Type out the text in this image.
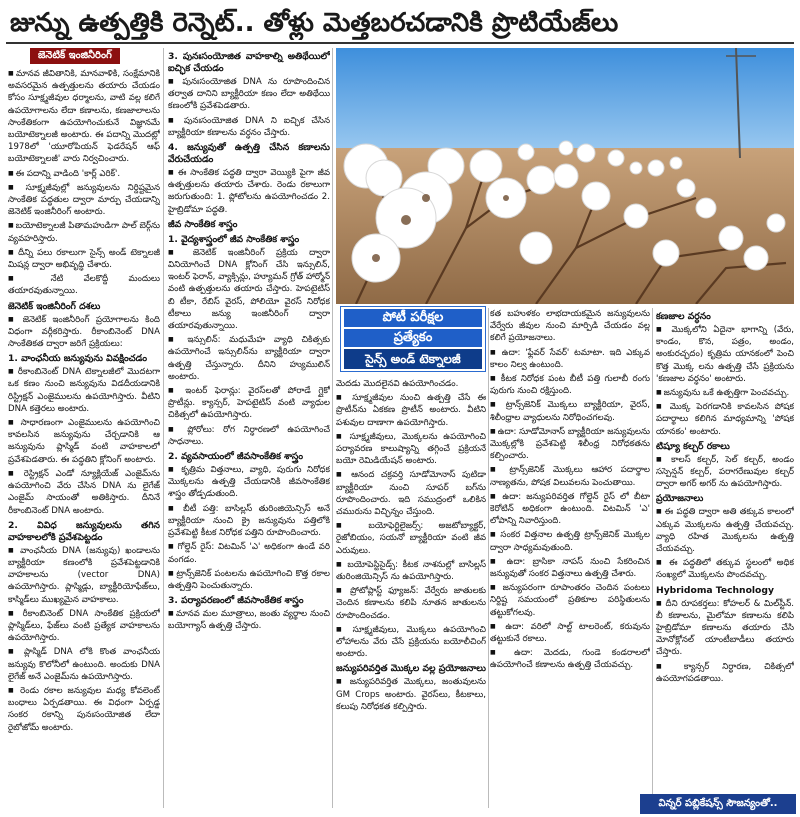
జున్ను ఉత్పత్తికి రెన్నెట్.. తోళ్లు మెత్తబరచడానికి ప్రొటియేజ్‌లు
జెనెటిక్ ఇంజినీరింగ్

■ మానవ జీవితానికి, మానవాళికి, సంక్షేమానికి అవసరమైన ఉత్పత్తులను తయారు చేయడం కోసం సూక్ష్మజీవుల ధర్మాలను, వాటి వల్ల కలిగే ఉపయోగాలను లేదా కణాలను, కణజాలాలను సాంకేతికంగా ఉపయోగించుకునే విజ్ఞానమే బయోటెక్నాలజీ అంటారు. ఈ పదాన్ని మొదట్లో 1978లో 'యూరోపియన్ ఫెడరేషన్ ఆఫ్ బయోటెక్నాలజీ' వారు నిర్వచించారు.

■ ఈ పదాన్ని వాడింది 'కార్ల్ ఎరిక్'.

■ సూక్ష్మజీవుల్లో జన్యువులను నిర్దిష్టమైన సాంకేతిక పద్ధతుల ద్వారా మార్పు చేయడాన్ని జెనెటిక్ ఇంజినీరింగ్ అంటారు.

■ బయోటెక్నాలజీ పితామహుడిగా పాల్ బెర్గ్‌ను వ్యవహరిస్తారు.

■ దీన్ని పలు రకాలుగా సైన్స్ అండ్ టెక్నాలజీ మిషన్ల ద్వారా అభివృద్ధి చేశారు.

■ నేటి వేలకొద్దీ మందులు తయారవుతున్నాయి.

జెనెటిక్ ఇంజినీరింగ్ దశలు

■ జెనెటిక్ ఇంజినీరింగ్ ప్రయోగాలను కింది విధంగా వర్గీకరిస్తారు. రీకాంబినెంట్ DNA సాంకేతికత ద్వారా జరిగే ప్రక్రియలు:

1. వాంఛనీయ జన్యువును వివక్షించడం

■ రీకాంబినెంట్ DNA టెక్నాలజీలో మొదటగా ఒక కణం నుంచి జన్యువును విడదీయడానికి రిస్ట్రిక్షన్ ఎంజైములను ఉపయోగిస్తారు. వీటిని DNA కత్తెరలు అంటారు.

■ సాధారణంగా ఎంజైములను ఉపయోగించి కావలసిన జన్యువును చేర్చడానికి ఆ జన్యువును ప్లాస్మిడ్ వంటి వాహకాలలో ప్రవేశపెడతారు. ఈ పద్ధతిని క్లోనింగ్ అంటారు.

■ రెస్ట్రిక్షన్ ఎండో న్యూక్లియేజ్ ఎంజైమ్‌ను ఉపయోగించి వేరు చేసిన DNA ను లైగేజ్ ఎంజైమ్ సాయంతో అతికిస్తారు. దీనినే రీకాంబినెంట్ DNA అంటారు.

2. వివిధ జన్యువులను తగిన వాహకాలలోకి ప్రవేశపెట్టడం

■ వాంఛనీయ DNA (జన్యువు) ఖండాలను బ్యాక్టీరియా కణంలోకి ప్రవేశపెట్టడానికి వాహకాలను (vector DNA) ఉపయోగిస్తారు. ప్లాస్మిడ్లు, బ్యాక్టీరియోఫేజ్‌లు, కాస్మిడ్‌లు ముఖ్యమైన వాహకాలు.

■ రీకాంబినెంట్ DNA సాంకేతిక ప్రక్రియలో ప్లాస్మిడ్‌లు, ఫేజ్‌లు వంటి ప్రత్యేక వాహకాలను ఉపయోగిస్తారు.

■ ప్లాస్మిడ్ DNA లోకి కొంత వాంఛనీయ జన్యువు కొలోనీలో ఉంటుంది. అందుకు DNA లైగేజ్ అనే ఎంజైమ్‌ను ఉపయోగిస్తారు.

■ రెండు రకాల జన్యువుల మధ్య కోవలెంట్ బంధాలు ఏర్పడతాయి. ఈ విధంగా ఏర్పడ్డ సంకర రకాన్ని పునఃసంయోజిత లేదా రైబోజోమ్ అంటారు.

3. పునఃసంయోజిత వాహకాల్ని అతిథేయిలో ఐచ్ఛిక చేయడం

■ పునఃసంయోజిత DNA ను రూపొందించిన తర్వాత దానిని బ్యాక్టీరియా కణం లేదా అతిథేయి కణంలోకి ప్రవేశపెడతారు.

■ పునఃసంయోజిత DNA ని ఐచ్ఛిక చేసిన బ్యాక్టీరియా కణాలను వర్ధనం చేస్తారు.

4. జన్యువుతో ఉత్పత్తి చేసిన కణాలను వేరుచేయడం

■ ఈ సాంకేతిక పద్ధతి ద్వారా వెయ్యికి పైగా జీవ ఉత్పత్తులను తయారు చేశారు. రెండు రకాలుగా జరుగుతుంది: 1. ప్లోటోలను ఉపయోగించడం 2. హైబ్రిడోమా పద్ధతి.

జీవ సాంకేతిక శాస్త్రం
1. వైద్యశాస్త్రంలో జీవ సాంకేతిక శాస్త్రం

■ జెనెటిక్ ఇంజినీరింగ్ ప్రక్రియ ద్వారా వినియోగించే DNA క్లోనింగ్ చేసి ఇన్సులిన్, ఇంటర్ ఫెరాన్, వ్యాక్సిన్లు, హ్యూమన్ గ్రోత్ హార్మోన్ వంటి ఉత్పత్తులను తయారు చేస్తారు. హెపటైటిస్ బి టీకా, రేబిస్ వైరస్, పోలియో వైరస్ నిరోధక టీకాలు జన్యు ఇంజినీరింగ్ ద్వారా తయారవుతున్నాయి.

■ ఇన్సులిన్: మధుమేహ వ్యాధి చికిత్సకు ఉపయోగించే ఇన్సులిన్‌ను బ్యాక్టీరియా ద్వారా ఉత్పత్తి చేస్తున్నారు. దీనిని హ్యుములిన్ అంటారు.

■ ఇంటర్ ఫెరాన్లు: వైరస్‌లతో పోరాడే గ్లైకో ప్రొటీన్లు. క్యాన్సర్, హెపటైటిస్ వంటి వ్యాధుల చికిత్సలో ఉపయోగిస్తారు.

■ ప్లోరోలు: రోగ నిర్ధారణలో ఉపయోగించే సాధనాలు.

2. వ్యవసాయంలో జీవసాంకేతిక శాస్త్రం

■ కృత్రిమ విత్తనాలు, వ్యాధి, పురుగు నిరోధక మొక్కలను ఉత్పత్తి చేయడానికి జీవసాంకేతిక శాస్త్రం తోడ్పడుతుంది.

■ బీటీ పత్తి: బాసిల్లస్ తురింజియెన్సిస్ అనే బ్యాక్టీరియా నుంచి క్రై జన్యువును పత్తిలోకి ప్రవేశపెట్టి కీటక నిరోధక పత్తిని రూపొందించారు.

■ గోల్డెన్ రైస్: విటమిన్ 'ఎ' అధికంగా ఉండే వరి వంగడం.

■ ట్రాన్స్‌జెనిక్ పంటలను ఉపయోగించి కొత్త రకాల ఉత్పత్తిని పెంచుతున్నారు.

3. పర్యావరణంలో జీవసాంకేతిక శాస్త్రం

■ మానవ మల మూత్రాలు, జంతు వ్యర్థాల నుంచి బయోగ్యాస్ ఉత్పత్తి చేస్తారు.

పోటీ పరీక్షల
ప్రత్యేకం
సైన్స్ అండ్ టెక్నాలజీ

మెదడు మొదలైనవి ఉపయోగించడం.

■ సూక్ష్మజీవుల నుంచి ఉత్పత్తి చేసే ఈ ప్రొటీన్‌ను ఏకకణ ప్రొటీన్ అంటారు. వీటిని పశువుల దాణాగా ఉపయోగిస్తారు.

■ సూక్ష్మజీవులు, మొక్కలను ఉపయోగించి పర్యావరణ కాలుష్యాన్ని తగ్గించే ప్రక్రియనే బయో రెమిడియేషన్ అంటారు.

■ ఆనంద చక్రవర్తి సూడోమోనాస్ పుటిడా బ్యాక్టీరియా నుంచి సూపర్ బగ్‌ను రూపొందించారు. ఇది సముద్రంలో ఒలికిన చమురును విచ్ఛిన్నం చేస్తుంది.

■ బయోఫెర్టిలైజర్స్: అజటోబ్యాక్టర్, రైజోబియం, సయనో బ్యాక్టీరియా వంటి జీవ ఎరువులు.

■ బయోపెస్టిసైడ్స్: కీటక నాశనుల్లో బాసిల్లస్ తురింజియెన్సిస్ ను ఉపయోగిస్తారు.

■ ప్రోటోప్లాస్ట్ ఫ్యూజన్: వేర్వేరు జాతులకు చెందిన కణాలను కలిపి నూతన జాతులను రూపొందించడం.

■ సూక్ష్మజీవులు, మొక్కలు ఉపయోగించి లోహాలను వేరు చేసే ప్రక్రియను బయోలీచింగ్ అంటారు.

జన్యుపరివర్తిత మొక్కల వల్ల ప్రయోజనాలు

■ జన్యుపరివర్తిత మొక్కలు, జంతువులను GM Crops అంటారు. వైరస్‌లు, కీటకాలు, కలుపు నిరోధకత కల్పిస్తారు.

కత బహుళకం లాభదాయకమైన జన్యువులను వేర్వేరు జీవుల నుంచి మార్పిడి చేయడం వల్ల కలిగే ప్రయోజనాలు.

■ ఉదా: 'ఫ్లేవర్ సేవర్' టమాటా. ఇది ఎక్కువ కాలం నిల్వ ఉంటుంది.

■ కీటక నిరోధక పంట బీటీ పత్తి గులాబీ రంగు పురుగు నుంచి రక్షిస్తుంది.

■ ట్రాన్స్‌జెనిక్ మొక్కలు బ్యాక్టీరియా, వైరస్, శిలీంధ్రాల వ్యాధులను నిరోధించగలవు.

■ ఉదా: సూడోమోనాస్ బ్యాక్టీరియా జన్యువులను మొక్కల్లోకి ప్రవేశపెట్టి శిలీంధ్ర నిరోధకతను కల్పించారు.

■ ట్రాన్స్‌జెనిక్ మొక్కలు ఆహార పదార్థాల నాణ్యతను, పోషక విలువలను పెంచుతాయి.

■ ఉదా: జన్యుపరివర్తిత గోల్డెన్ రైస్ లో బీటా కెరోటిన్ అధికంగా ఉంటుంది. విటమిన్ 'ఎ' లోపాన్ని నివారిస్తుంది.

■ సంకర విత్తనాల ఉత్పత్తి ట్రాన్స్‌జెనిక్ మొక్కల ద్వారా సాధ్యమవుతుంది.

■ ఉదా: బ్రాసికా నాపస్ నుంచి సేకరించిన జన్యువుతో సంకర విత్తనాలు ఉత్పత్తి చేశారు.

■ జన్యుపరంగా రూపాంతరం చెందిన పంటలు నిర్దిష్ట సమయంలో ప్రతికూల పరిస్థితులను తట్టుకోగలవు.

■ ఉదా: వరిలో సాల్ట్ టాలరెంట్, కరువును తట్టుకునే రకాలు.

■ ఉదా: మెదడు, గుండె కండరాలలో ఉపయోగించే కణాలను ఉత్పత్తి చేయవచ్చు.

కణజాల వర్ధనం

■ మొక్కలోని ఏదైనా భాగాన్ని (వేరు, కాండం, కొన, పత్రం, అండం, అంకురచ్ఛదం) కృత్రిమ యానకంలో పెంచి కొత్త మొక్క లను ఉత్పత్తి చేసే ప్రక్రియను 'కణజాల వర్ధనం' అంటారు.

■ జన్యువును ఒకే ఉత్పత్తిగా పెంచవచ్చు.

■ మొక్క పెరగడానికి కావలసిన పోషక పదార్థాలు కలిగిన మాధ్యమాన్ని 'పోషక యానకం' అంటారు.

టిష్యూ కల్చర్ రకాలు

■ కాలస్ కల్చర్, సెల్ కల్చర్, అండం సస్పెన్షన్ కల్చర్, పరాగరేణువుల కల్చర్ ద్వారా అగర్ అగర్ ను ఉపయోగిస్తారు.

ప్రయోజనాలు

■ ఈ పద్ధతి ద్వారా అతి తక్కువ కాలంలో ఎక్కువ మొక్కలను ఉత్పత్తి చేయవచ్చు. వ్యాధి రహిత మొక్కలను ఉత్పత్తి చేయవచ్చు.

■ ఈ పద్ధతిలో తక్కువ స్థలంలో అధిక సంఖ్యలో మొక్కలను పొందవచ్చు.

Hybridoma Technology

■ దీని రూపకర్తలు: కోహలర్ & మిల్‌స్టీన్. బీ కణాలను, మైలోమా కణాలను కలిపి హైబ్రిడోమా కణాలను తయారు చేసి మోనోక్లోనల్ యాంటీబాడీలు తయారు చేస్తారు.

■ క్యాన్సర్ నిర్ధారణ, చికిత్సలో ఉపయోగపడతాయి.

విన్నర్ పబ్లికేషన్స్ సౌజన్యంతో..
